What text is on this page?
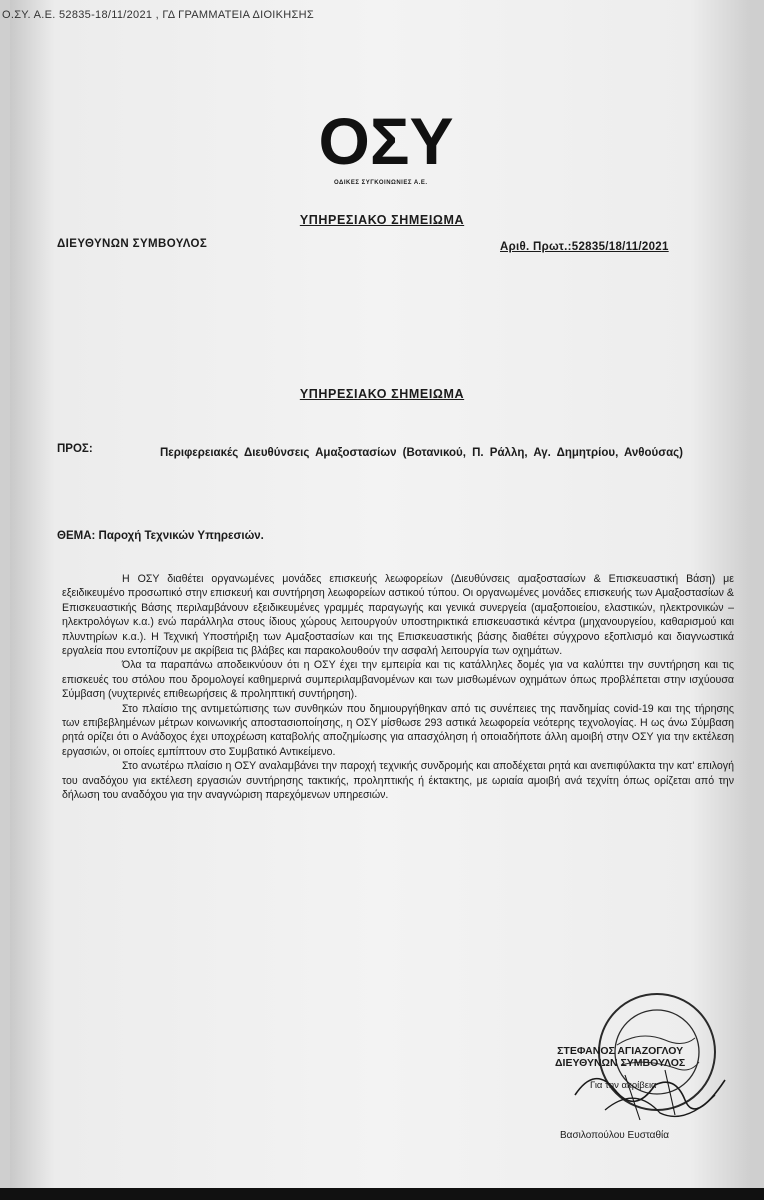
Ο.ΣΥ. Α.Ε. 52835-18/11/2021 , ΓΔ ΓΡΑΜΜΑΤΕΙΑ ΔΙΟΙΚΗΣΗΣ
ΟΣΥ
ΟΔΙΚΕΣ ΣΥΓΚΟΙΝΩΝΙΕΣ Α.Ε.
ΥΠΗΡΕΣΙΑΚΟ ΣΗΜΕΙΩΜΑ
ΔΙΕΥΘΥΝΩΝ ΣΥΜΒΟΥΛΟΣ	Αριθ. Πρωτ.:52835/18/11/2021
ΥΠΗΡΕΣΙΑΚΟ ΣΗΜΕΙΩΜΑ
ΠΡΟΣ:	Περιφερειακές Διευθύνσεις Αμαξοστασίων (Βοτανικού, Π. Ράλλη, Αγ. Δημητρίου, Ανθούσας)
ΘΕΜΑ: Παροχή Τεχνικών Υπηρεσιών.

Η ΟΣΥ διαθέτει οργανωμένες μονάδες επισκευής λεωφορείων (Διευθύνσεις αμαξοστασίων & Επισκευαστική Βάση) με εξειδικευμένο προσωπικό στην επισκευή και συντήρηση λεωφορείων αστικού τύπου. Οι οργανωμένες μονάδες επισκευής των Αμαξοστασίων & Επισκευαστικής Βάσης περιλαμβάνουν εξειδικευμένες γραμμές παραγωγής και γενικά συνεργεία (αμαξοποιείου, ελαστικών, ηλεκτρονικών – ηλεκτρολόγων κ.α.) ενώ παράλληλα στους ίδιους χώρους λειτουργούν υποστηρικτικά επισκευαστικά κέντρα (μηχανουργείου, καθαρισμού και πλυντηρίων κ.α.). Η Τεχνική Υποστήριξη των Αμαξοστασίων και της Επισκευαστικής βάσης διαθέτει σύγχρονο εξοπλισμό και διαγνωστικά εργαλεία που εντοπίζουν με ακρίβεια τις βλάβες και παρακολουθούν την ασφαλή λειτουργία των οχημάτων.

Όλα τα παραπάνω αποδεικνύουν ότι η ΟΣΥ έχει την εμπειρία και τις κατάλληλες δομές για να καλύπτει την συντήρηση και τις επισκευές του στόλου που δρομολογεί καθημερινά συμπεριλαμβανομένων και των μισθωμένων οχημάτων όπως προβλέπεται στην ισχύουσα Σύμβαση (νυχτερινές επιθεωρήσεις & προληπτική συντήρηση).

Στο πλαίσιο της αντιμετώπισης των συνθηκών που δημιουργήθηκαν από τις συνέπειες της πανδημίας covid-19 και της τήρησης των επιβεβλημένων μέτρων κοινωνικής αποστασιοποίησης, η ΟΣΥ μίσθωσε 293 αστικά λεωφορεία νεότερης τεχνολογίας. Η ως άνω Σύμβαση ρητά ορίζει ότι ο Ανάδοχος έχει υποχρέωση καταβολής αποζημίωσης για απασχόληση ή οποιαδήποτε άλλη αμοιβή στην ΟΣΥ για την εκτέλεση εργασιών, οι οποίες εμπίπτουν στο Συμβατικό Αντικείμενο.

Στο ανωτέρω πλαίσιο η ΟΣΥ αναλαμβάνει την παροχή τεχνικής συνδρομής και αποδέχεται ρητά και ανεπιφύλακτα την κατ' επιλογή του αναδόχου για εκτέλεση εργασιών συντήρησης τακτικής, προληπτικής ή έκτακτης, με ωριαία αμοιβή ανά τεχνίτη όπως ορίζεται από την δήλωση του αναδόχου για την αναγνώριση παρεχόμενων υπηρεσιών.

ΣΤΕΦΑΝΟΣ ΑΓΙΑΖΟΓΛΟΥ
ΔΙΕΥΘΥΝΩΝ ΣΥΜΒΟΥΛΟΣ
Για την ακρίβεια
Βασιλοπούλου Ευσταθία
